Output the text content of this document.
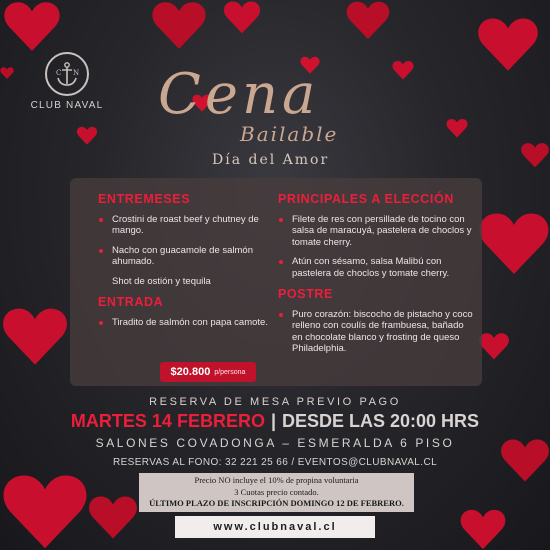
C N
CLUB NAVAL Cena
Bailable
Día del Amor
ENTREMESES
Crostini de roast beef y chutney de mango.
Nacho con guacamole de salmón ahumado.
Shot de ostión y tequila
ENTRADA
Tiradito de salmón con papa camote.
PRINCIPALES A ELECCIÓN
Filete de res con persillade de tocino con salsa de maracuyá, pastelera de choclos y tomate cherry.
Atún con sésamo, salsa Malibú con pastelera de choclos y tomate cherry.
POSTRE
Puro corazón: biscocho de pistacho y coco relleno con coulís de frambuesa, bañado en chocolate blanco y frosting de queso Philadelphia.
$20.800 p/persona
RESERVA DE MESA PREVIO PAGO
MARTES 14 FEBRERO | DESDE LAS 20:00 HRS
SALONES COVADONGA – ESMERALDA 6 PISO
RESERVAS AL FONO: 32 221 25 66 / EVENTOS@CLUBNAVAL.CL
Precio NO incluye el 10% de propina voluntaria
3 Cuotas precio contado.
ÚLTIMO PLAZO DE INSCRIPCIÓN DOMINGO 12 DE FEBRERO.
www.clubnaval.cl
